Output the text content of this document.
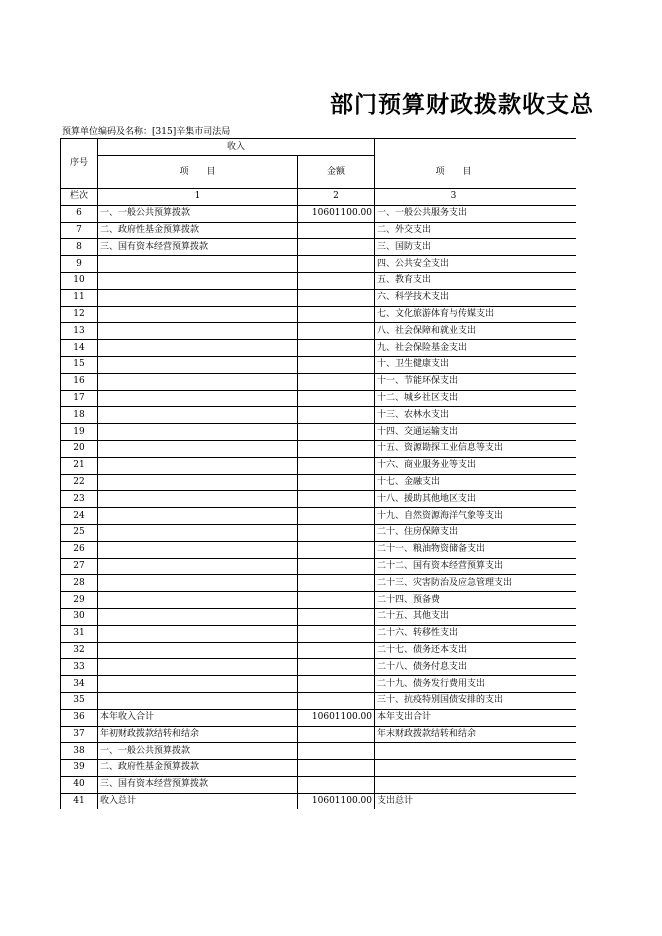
部门预算财政拨款收支总
预算单位编码及名称：[315]辛集市司法局
序号	收入		项　　目
	项　　目	金额	
栏次	1	2	3
6	一、一般公共预算拨款	10601100.00	一、一般公共服务支出
7	二、政府性基金预算拨款		二、外交支出
8	三、国有资本经营预算拨款		三、国防支出
9			四、公共安全支出
10			五、教育支出
11			六、科学技术支出
12			七、文化旅游体育与传媒支出
13			八、社会保障和就业支出
14			九、社会保险基金支出
15			十、卫生健康支出
16			十一、节能环保支出
17			十二、城乡社区支出
18			十三、农林水支出
19			十四、交通运输支出
20			十五、资源勘探工业信息等支出
21			十六、商业服务业等支出
22			十七、金融支出
23			十八、援助其他地区支出
24			十九、自然资源海洋气象等支出
25			二十、住房保障支出
26			二十一、粮油物资储备支出
27			二十二、国有资本经营预算支出
28			二十三、灾害防治及应急管理支出
29			二十四、预备费
30			二十五、其他支出
31			二十六、转移性支出
32			二十七、债务还本支出
33			二十八、债务付息支出
34			二十九、债务发行费用支出
35			三十、抗疫特别国债安排的支出
36	本年收入合计	10601100.00	本年支出合计
37	年初财政拨款结转和结余		年末财政拨款结转和结余
38	一、一般公共预算拨款		
39	二、政府性基金预算拨款		
40	三、国有资本经营预算拨款		
41	收入总计	10601100.00	支出总计
